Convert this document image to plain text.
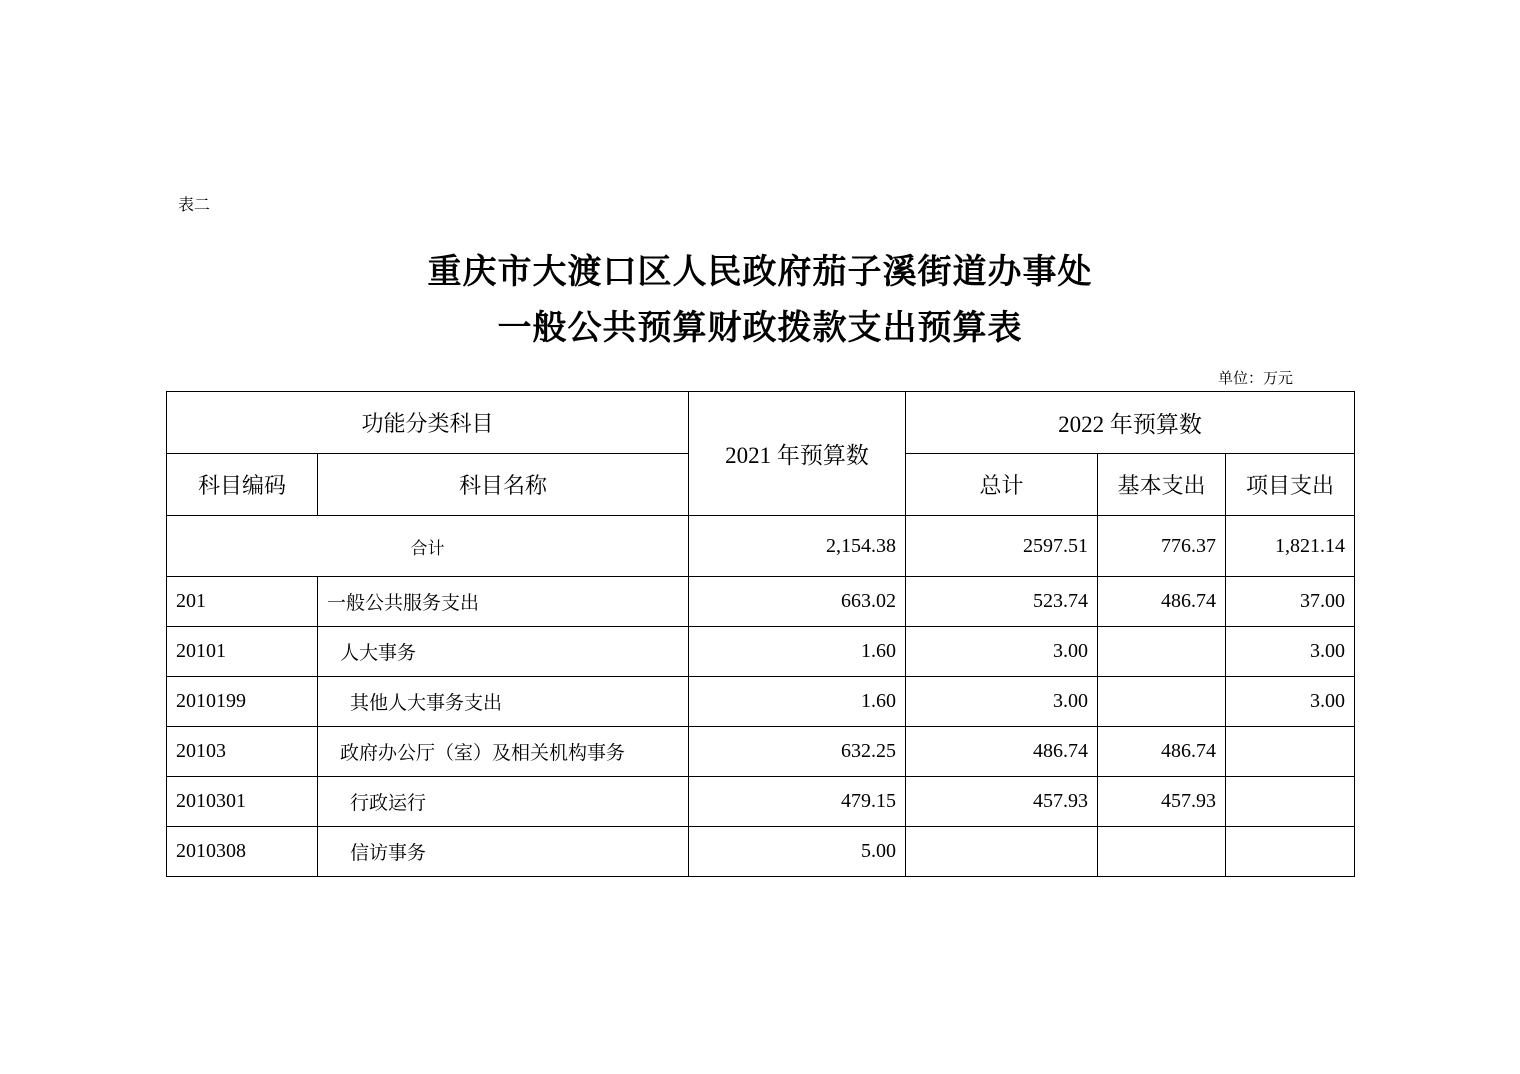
表二
重庆市大渡口区人民政府茄子溪街道办事处
一般公共预算财政拨款支出预算表
单位：万元
功能分类科目		2021 年预算数	2022 年预算数		
科目编码	科目名称		总计	基本支出	项目支出
合计		2,154.38	2597.51	776.37	1,821.14
201	一般公共服务支出	663.02	523.74	486.74	37.00
20101	人大事务	1.60	3.00		3.00
2010199	其他人大事务支出	1.60	3.00		3.00
20103	政府办公厅（室）及相关机构事务	632.25	486.74	486.74	
2010301	行政运行	479.15	457.93	457.93	
2010308	信访事务	5.00			
